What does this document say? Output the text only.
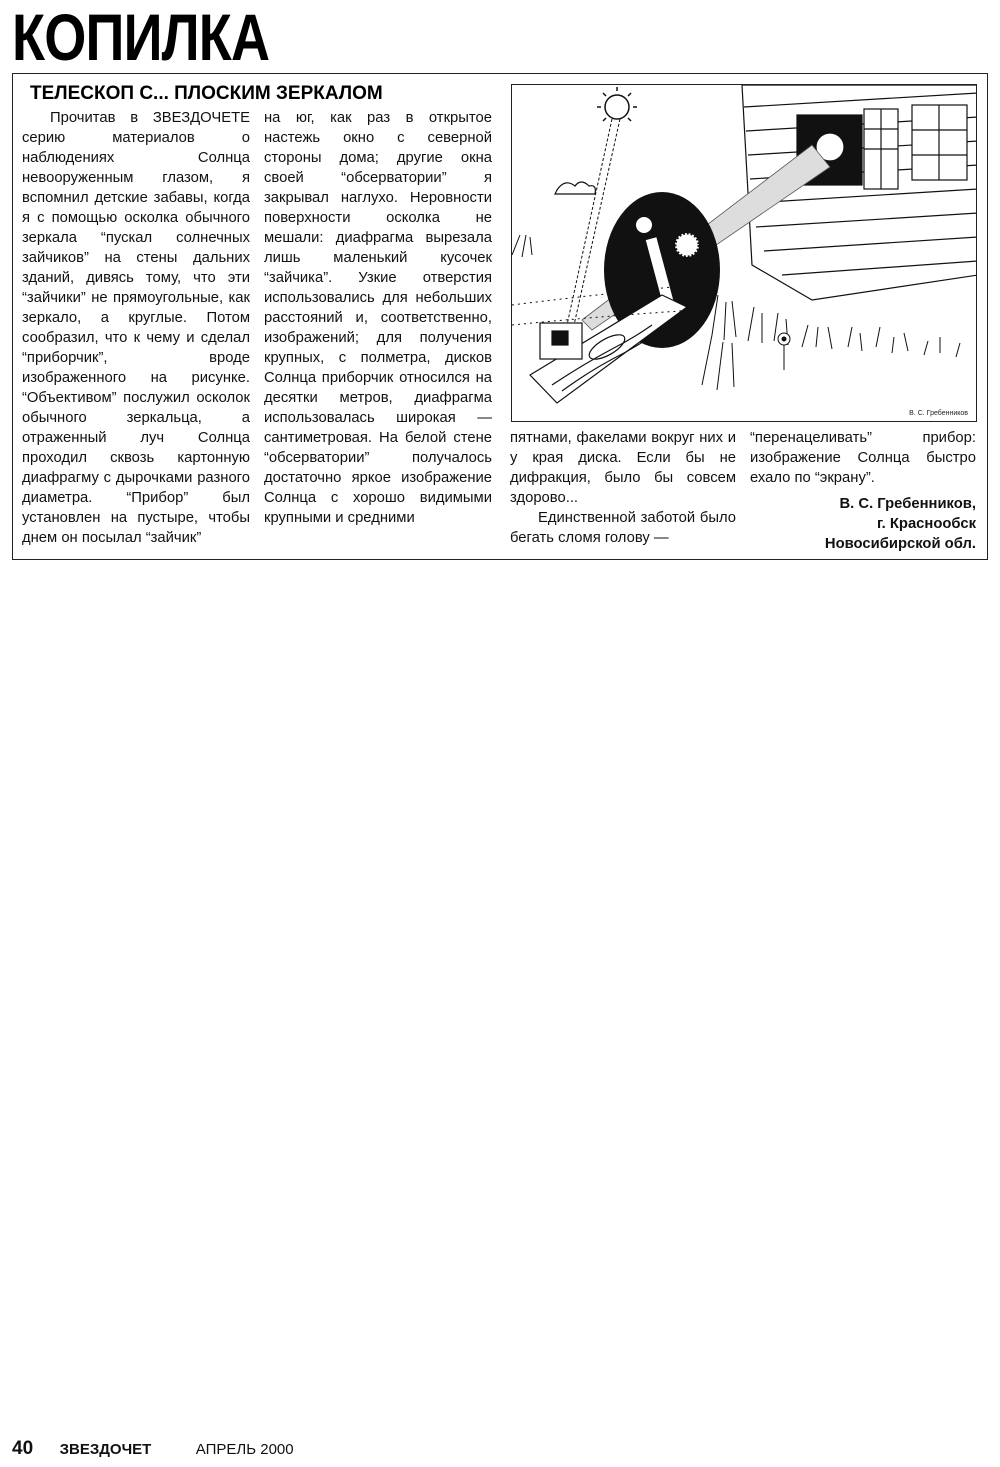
КОПИЛКА
ТЕЛЕСКОП С... ПЛОСКИМ ЗЕРКАЛОМ

Прочитав в ЗВЕЗДОЧЕТЕ серию материалов о наблюдениях Солнца невооруженным глазом, я вспомнил детские забавы, когда я с помощью осколка обычного зеркала “пускал солнечных зайчиков” на стены дальних зданий, дивясь тому, что эти “зайчики” не прямоугольные, как зеркало, а круглые. Потом сообразил, что к чему и сделал “приборчик”, вроде изображенного на рисунке. “Объективом” послужил осколок обычного зеркальца, а отраженный луч Солнца проходил сквозь картонную диафрагму с дырочками разного диаметра. “Прибор” был установлен на пустыре, чтобы днем он посылал “зайчик”

на юг, как раз в открытое настежь окно с северной стороны дома; другие окна своей “обсерватории” я закрывал наглухо. Неровности поверхности осколка не мешали: диафрагма вырезала лишь маленький кусочек “зайчика”. Узкие отверстия использовались для небольших расстояний и, соответственно, изображений; для получения крупных, с полметра, дисков Солнца приборчик относился на десятки метров, диафрагма использовалась широкая — сантиметровая. На белой стене “обсерватории” получалось достаточно яркое изображение Солнца с хорошо видимыми крупными и средними

В. С. Гребенников

пятнами, факелами вокруг них и у края диска. Если бы не дифракция, было бы совсем здорово...

Единственной заботой было бегать сломя голову —

“перенацеливать” прибор: изображение Солнца быстро ехало по “экрану”.

В. С. Гребенников,
г. Краснообск
Новосибирской обл.

40 ЗВЕЗДОЧЕТ	АПРЕЛЬ 2000
